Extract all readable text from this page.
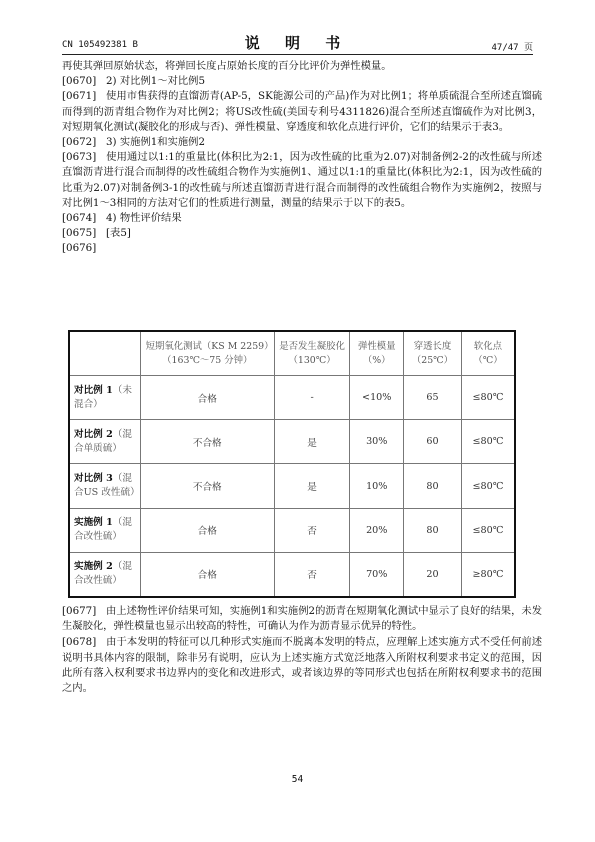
CN 105492381 B	说 明 书	47/47 页

再使其弹回原始状态，将弹回长度占原始长度的百分比评价为弹性模量。

[0670] 2) 对比例1～对比例5

[0671] 使用市售获得的直馏沥青(AP-5，SK能源公司的产品)作为对比例1；将单质硫混合至所述直馏硫而得到的沥青组合物作为对比例2；将US改性硫(美国专利号4311826)混合至所述直馏硫作为对比例3，对短期氧化测试(凝胶化的形成与否)、弹性模量、穿透度和软化点进行评价，它们的结果示于表3。

[0672] 3) 实施例1和实施例2

[0673] 使用通过以1:1的重量比(体积比为2:1，因为改性硫的比重为2.07)对制备例2-2的改性硫与所述直馏沥青进行混合而制得的改性硫组合物作为实施例1、通过以1:1的重量比(体积比为2:1，因为改性硫的比重为2.07)对制备例3-1的改性硫与所述直馏沥青进行混合而制得的改性硫组合物作为实施例2，按照与对比例1～3相同的方法对它们的性质进行测量，测量的结果示于以下的表5。

[0674] 4) 物性评价结果

[0675] [表5]

[0676]

	短期氧化测试（KS M 2259）（163℃～75 分钟）	是否发生凝胶化（130℃）	弹性模量（%）	穿透长度（25℃）	软化点（℃）
对比例 1（未混合）	合格	-	<10%	65	≤80℃
对比例 2（混合单质硫）	不合格	是	30%	60	≤80℃
对比例 3（混合US 改性硫）	不合格	是	10%	80	≤80℃
实施例 1（混合改性硫）	合格	否	20%	80	≤80℃
实施例 2（混合改性硫）	合格	否	70%	20	≥80℃

[0677] 由上述物性评价结果可知，实施例1和实施例2的沥青在短期氧化测试中显示了良好的结果，未发生凝胶化，弹性模量也显示出较高的特性，可确认为作为沥青显示优异的特性。

[0678] 由于本发明的特征可以几种形式实施而不脱离本发明的特点，应理解上述实施方式不受任何前述说明书具体内容的限制，除非另有说明，应认为上述实施方式宽泛地落入所附权利要求书定义的范围，因此所有落入权利要求书边界内的变化和改进形式，或者该边界的等同形式也包括在所附权利要求书的范围之内。

54
